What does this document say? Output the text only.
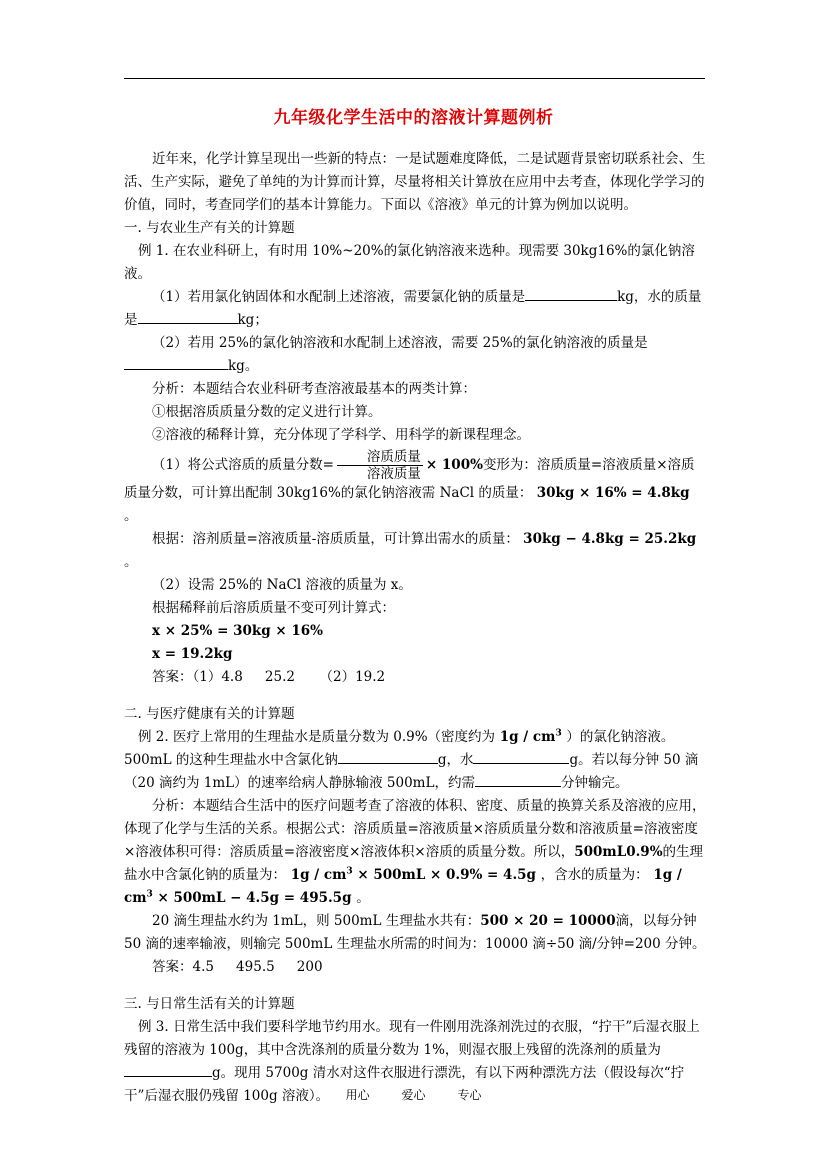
九年级化学生活中的溶液计算题例析

近年来，化学计算呈现出一些新的特点：一是试题难度降低，二是试题背景密切联系社会、生活、生产实际，避免了单纯的为计算而计算，尽量将相关计算放在应用中去考查，体现化学学习的价值，同时，考查同学们的基本计算能力。下面以《溶液》单元的计算为例加以说明。

一. 与农业生产有关的计算题

例 1. 在农业科研上，有时用 10%~20%的氯化钠溶液来选种。现需要 30kg16%的氯化钠溶液。

（1）若用氯化钠固体和水配制上述溶液，需要氯化钠的质量是	kg，水的质量是	kg；

（2）若用 25%的氯化钠溶液和水配制上述溶液，需要 25%的氯化钠溶液的质量是kg。

分析：本题结合农业科研考查溶液最基本的两类计算：

①根据溶质质量分数的定义进行计算。

②溶液的稀释计算，充分体现了学科学、用科学的新课程理念。

（1）将公式溶质的质量分数= $\frac{\text{溶质质量}}{\text{溶液质量}} \times 100\%$变形为：溶质质量=溶液质量×溶质质量分数，可计算出配制 30kg16%的氯化钠溶液需 NaCl 的质量： 30kg × 16% = 4.8kg 。

根据：溶剂质量=溶液质量-溶质质量，可计算出需水的质量： 30kg − 4.8kg = 25.2kg 。

（2）设需 25%的 NaCl 溶液的质量为 x。

根据稀释前后溶质质量不变可列计算式：

x × 25% = 30kg × 16%

x = 19.2kg

答案：（1）4.8 　 25.2 　　（2）19.2

二. 与医疗健康有关的计算题

例 2. 医疗上常用的生理盐水是质量分数为 0.9%（密度约为 $1g / cm^3$ ）的氯化钠溶液。500mL 的这种生理盐水中含氯化钠	g，水	g。若以每分钟 50 滴（20 滴约为 1mL）的速率给病人静脉输液 500mL，约需	分钟输完。

分析：本题结合生活中的医疗问题考查了溶液的体积、密度、质量的换算关系及溶液的应用，体现了化学与生活的关系。根据公式：溶质质量=溶液质量×溶质质量分数和溶液质量=溶液密度×溶液体积可得：溶质质量=溶液密度×溶液体积×溶质的质量分数。所以，500mL0.9%的生理盐水中含氯化钠的质量为： $1g / cm^3 \times 500mL \times 0.9\% = 4.5g$ ，含水的质量为： $1g / cm^3 \times 500mL - 4.5g = 495.5g$ 。

20 滴生理盐水约为 1mL，则 500mL 生理盐水共有：500 × 20 = 10000滴，以每分钟 50 滴的速率输液，则输完 500mL 生理盐水所需的时间为：10000 滴÷50 滴/分钟=200 分钟。

答案：4.5 　 495.5 　 200

三. 与日常生活有关的计算题

例 3. 日常生活中我们要科学地节约用水。现有一件刚用洗涤剂洗过的衣服，“拧干”后湿衣服上残留的溶液为 100g，其中含洗涤剂的质量分数为 1%，则湿衣服上残留的洗涤剂的质量为g。现用 5700g 清水对这件衣服进行漂洗，有以下两种漂洗方法（假设每次“拧干”后湿衣服仍残留 100g 溶液）。	用心	爱心	专心
